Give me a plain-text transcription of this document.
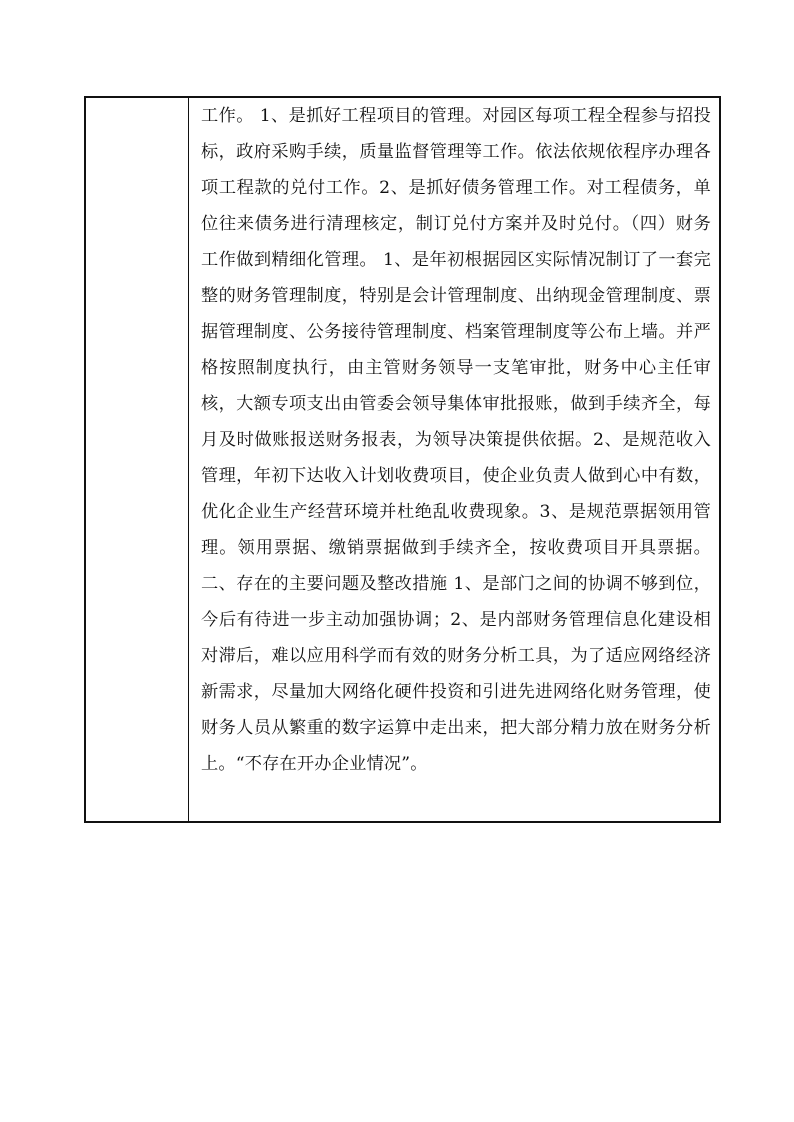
工作。 1、是抓好工程项目的管理。对园区每项工程全程参与招投标，政府采购手续，质量监督管理等工作。依法依规依程序办理各项工程款的兑付工作。2、是抓好债务管理工作。对工程债务，单位往来债务进行清理核定，制订兑付方案并及时兑付。（四）财务工作做到精细化管理。 1、是年初根据园区实际情况制订了一套完整的财务管理制度，特别是会计管理制度、出纳现金管理制度、票据管理制度、公务接待管理制度、档案管理制度等公布上墙。并严格按照制度执行，由主管财务领导一支笔审批，财务中心主任审核，大额专项支出由管委会领导集体审批报账，做到手续齐全，每月及时做账报送财务报表，为领导决策提供依据。2、是规范收入管理，年初下达收入计划收费项目，使企业负责人做到心中有数，优化企业生产经营环境并杜绝乱收费现象。3、是规范票据领用管理。领用票据、缴销票据做到手续齐全，按收费项目开具票据。 二、存在的主要问题及整改措施 1、是部门之间的协调不够到位，今后有待进一步主动加强协调；2、是内部财务管理信息化建设相对滞后，难以应用科学而有效的财务分析工具，为了适应网络经济新需求，尽量加大网络化硬件投资和引进先进网络化财务管理，使财务人员从繁重的数字运算中走出来，把大部分精力放在财务分析上。“不存在开办企业情况”。
